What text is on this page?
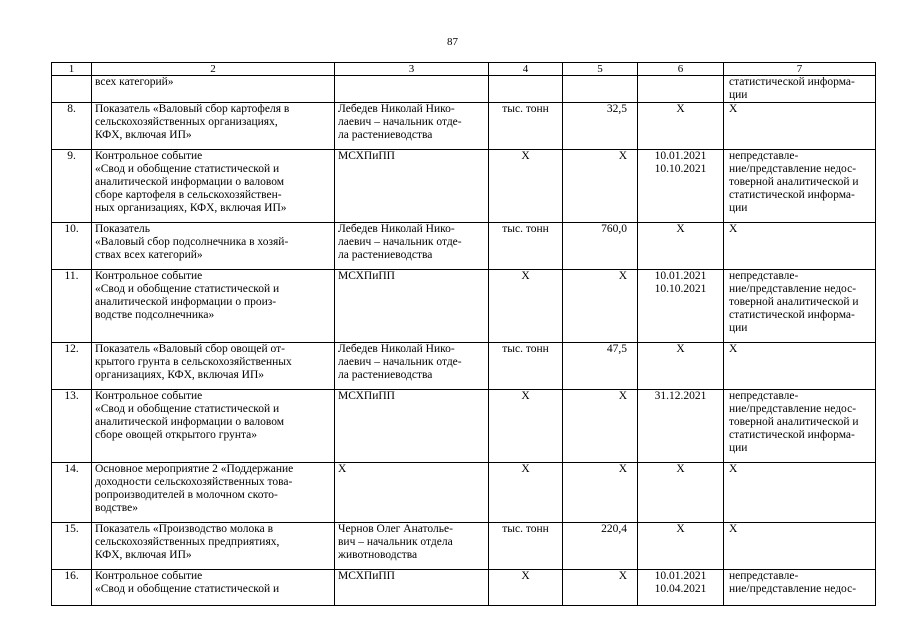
87
1	2	3	4	5	6	7

	всех категорий»					статистической информа-
ции

8.	Показатель «Валовый сбор картофеля в
сельскохозяйственных организациях,
КФХ, включая ИП»	Лебедев Николай Нико-
лаевич – начальник отде-
ла растениеводства	тыс. тонн	32,5	Х	Х

9.	Контрольное событие
«Свод и обобщение статистической и
аналитической информации о валовом
сборе картофеля в сельскохозяйствен-
ных организациях, КФХ, включая ИП»	МСХПиПП	Х	Х	10.01.2021
10.10.2021	непредставле-
ние/представление недос-
товерной аналитической и
статистической информа-
ции

10.	Показатель
«Валовый сбор подсолнечника в хозяй-
ствах всех категорий»	Лебедев Николай Нико-
лаевич – начальник отде-
ла растениеводства	тыс. тонн	760,0	Х	Х

11.	Контрольное событие
«Свод и обобщение статистической и
аналитической информации о произ-
водстве подсолнечника»	МСХПиПП	Х	Х	10.01.2021
10.10.2021	непредставле-
ние/представление недос-
товерной аналитической и
статистической информа-
ции

12.	Показатель «Валовый сбор овощей от-
крытого грунта в сельскохозяйственных
организациях, КФХ, включая ИП»	Лебедев Николай Нико-
лаевич – начальник отде-
ла растениеводства	тыс. тонн	47,5	Х	Х

13.	Контрольное событие
«Свод и обобщение статистической и
аналитической информации о валовом
сборе овощей открытого грунта»	МСХПиПП	Х	Х	31.12.2021	непредставле-
ние/представление недос-
товерной аналитической и
статистической информа-
ции

14.	Основное мероприятие 2 «Поддержание
доходности сельскохозяйственных това-
ропроизводителей в молочном ското-
водстве»	Х	Х	Х	Х	Х

15.	Показатель «Производство молока в
сельскохозяйственных предприятиях,
КФХ, включая ИП»	Чернов Олег Анатолье-
вич – начальник отдела
животноводства	тыс. тонн	220,4	Х	Х

16.	Контрольное событие
«Свод и обобщение статистической и	МСХПиПП	Х	Х	10.01.2021
10.04.2021	непредставле-
ние/представление недос-
